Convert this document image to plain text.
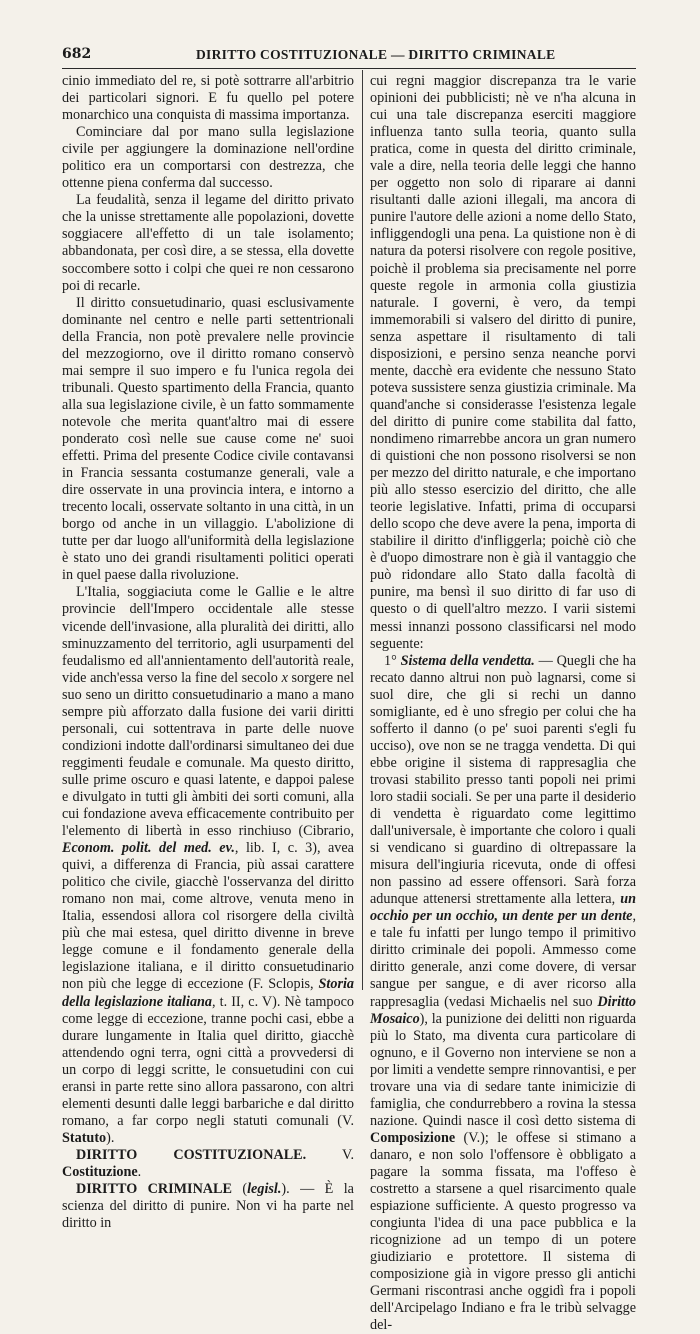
682	DIRITTO COSTITUZIONALE — DIRITTO CRIMINALE

cinio immediato del re, si potè sottrarre all'arbitrio dei particolari signori. E fu quello pel potere monarchico una conquista di massima importanza.

Cominciare dal por mano sulla legislazione civile per aggiungere la dominazione nell'ordine politico era un comportarsi con destrezza, che ottenne piena conferma dal successo.

La feudalità, senza il legame del diritto privato che la unisse strettamente alle popolazioni, dovette soggiacere all'effetto di un tale isolamento; abbandonata, per così dire, a se stessa, ella dovette soccombere sotto i colpi che quei re non cessarono poi di recarle.

Il diritto consuetudinario, quasi esclusivamente dominante nel centro e nelle parti settentrionali della Francia, non potè prevalere nelle provincie del mezzogiorno, ove il diritto romano conservò mai sempre il suo impero e fu l'unica regola dei tribunali. Questo spartimento della Francia, quanto alla sua legislazione civile, è un fatto sommamente notevole che merita quant'altro mai di essere ponderato così nelle sue cause come ne' suoi effetti. Prima del presente Codice civile contavansi in Francia sessanta costumanze generali, vale a dire osservate in una provincia intera, e intorno a trecento locali, osservate soltanto in una città, in un borgo od anche in un villaggio. L'abolizione di tutte per dar luogo all'uniformità della legislazione è stato uno dei grandi risultamenti politici operati in quel paese dalla rivoluzione.

L'Italia, soggiaciuta come le Gallie e le altre provincie dell'Impero occidentale alle stesse vicende dell'invasione, alla pluralità dei diritti, allo sminuzzamento del territorio, agli usurpamenti del feudalismo ed all'annientamento dell'autorità reale, vide anch'essa verso la fine del secolo x sorgere nel suo seno un diritto consuetudinario a mano a mano sempre più afforzato dalla fusione dei varii diritti personali, cui sottentrava in parte delle nuove condizioni indotte dall'ordinarsi simultaneo dei due reggimenti feudale e comunale. Ma questo diritto, sulle prime oscuro e quasi latente, e dappoi palese e divulgato in tutti gli àmbiti dei sorti comuni, alla cui fondazione aveva efficacemente contribuito per l'elemento di libertà in esso rinchiuso (Cibrario, Econom. polit. del med. ev., lib. I, c. 3), avea quivi, a differenza di Francia, più assai carattere politico che civile, giacchè l'osservanza del diritto romano non mai, come altrove, venuta meno in Italia, essendosi allora col risorgere della civiltà più che mai estesa, quel diritto divenne in breve legge comune e il fondamento generale della legislazione italiana, e il diritto consuetudinario non più che legge di eccezione (F. Sclopis, Storia della legislazione italiana, t. II, c. V). Nè tampoco come legge di eccezione, tranne pochi casi, ebbe a durare lungamente in Italia quel diritto, giacchè attendendo ogni terra, ogni città a provvedersi di un corpo di leggi scritte, le consuetudini con cui eransi in parte rette sino allora passarono, con altri elementi desunti dalle leggi barbariche e dal diritto romano, a far corpo negli statuti comunali (V. Statuto).

DIRITTO COSTITUZIONALE.	V. Costituzione.

DIRITTO CRIMINALE (legisl.). — È la scienza del diritto di punire. Non vi ha parte nel diritto in

cui regni maggior discrepanza tra le varie opinioni dei pubblicisti; nè ve n'ha alcuna in cui una tale discrepanza eserciti maggiore influenza tanto sulla teoria, quanto sulla pratica, come in questa del diritto criminale, vale a dire, nella teoria delle leggi che hanno per oggetto non solo di riparare ai danni risultanti dalle azioni illegali, ma ancora di punire l'autore delle azioni a nome dello Stato, infliggendogli una pena. La quistione non è di natura da potersi risolvere con regole positive, poichè il problema sia precisamente nel porre queste regole in armonia colla giustizia naturale. I governi, è vero, da tempi immemorabili si valsero del diritto di punire, senza aspettare il risultamento di tali disposizioni, e persino senza neanche porvi mente, dacchè era evidente che nessuno Stato poteva sussistere senza giustizia criminale. Ma quand'anche si considerasse l'esistenza legale del diritto di punire come stabilita dal fatto, nondimeno rimarrebbe ancora un gran numero di quistioni che non possono risolversi se non per mezzo del diritto naturale, e che importano più allo stesso esercizio del diritto, che alle teorie legislative. Infatti, prima di occuparsi dello scopo che deve avere la pena, importa di stabilire il diritto d'infliggerla; poichè ciò che è d'uopo dimostrare non è già il vantaggio che può ridondare allo Stato dalla facoltà di punire, ma bensì il suo diritto di far uso di questo o di quell'altro mezzo. I varii sistemi messi innanzi possono classificarsi nel modo seguente:

1° Sistema della vendetta. — Quegli che ha recato danno altrui non può lagnarsi, come si suol dire, che gli si rechi un danno somigliante, ed è uno sfregio per colui che ha sofferto il danno (o pe' suoi parenti s'egli fu ucciso), ove non se ne tragga vendetta. Di qui ebbe origine il sistema di rappresaglia che trovasi stabilito presso tanti popoli nei primi loro stadii sociali. Se per una parte il desiderio di vendetta è riguardato come legittimo dall'universale, è importante che coloro i quali si vendicano si guardino di oltrepassare la misura dell'ingiuria ricevuta, onde di offesi non passino ad essere offensori. Sarà forza adunque attenersi strettamente alla lettera, un occhio per un occhio, un dente per un dente, e tale fu infatti per lungo tempo il primitivo diritto criminale dei popoli. Ammesso come diritto generale, anzi come dovere, di versar sangue per sangue, e di aver ricorso alla rappresaglia (vedasi Michaelis nel suo Diritto Mosaico), la punizione dei delitti non riguarda più lo Stato, ma diventa cura particolare di ognuno, e il Governo non interviene se non a por limiti a vendette sempre rinnovantisi, e per trovare una via di sedare tante inimicizie di famiglia, che condurrebbero a rovina la stessa nazione. Quindi nasce il così detto sistema di Composizione (V.); le offese si stimano a danaro, e non solo l'offensore è obbligato a pagare la somma fissata, ma l'offeso è costretto a starsene a quel risarcimento quale espiazione sufficiente. A questo progresso va congiunta l'idea di una pace pubblica e la ricognizione ad un tempo di un potere giudiziario e protettore. Il sistema di composizione già in vigore presso gli antichi Germani riscontrasi anche oggidì fra i popoli dell'Arcipelago Indiano e fra le tribù selvagge del-
